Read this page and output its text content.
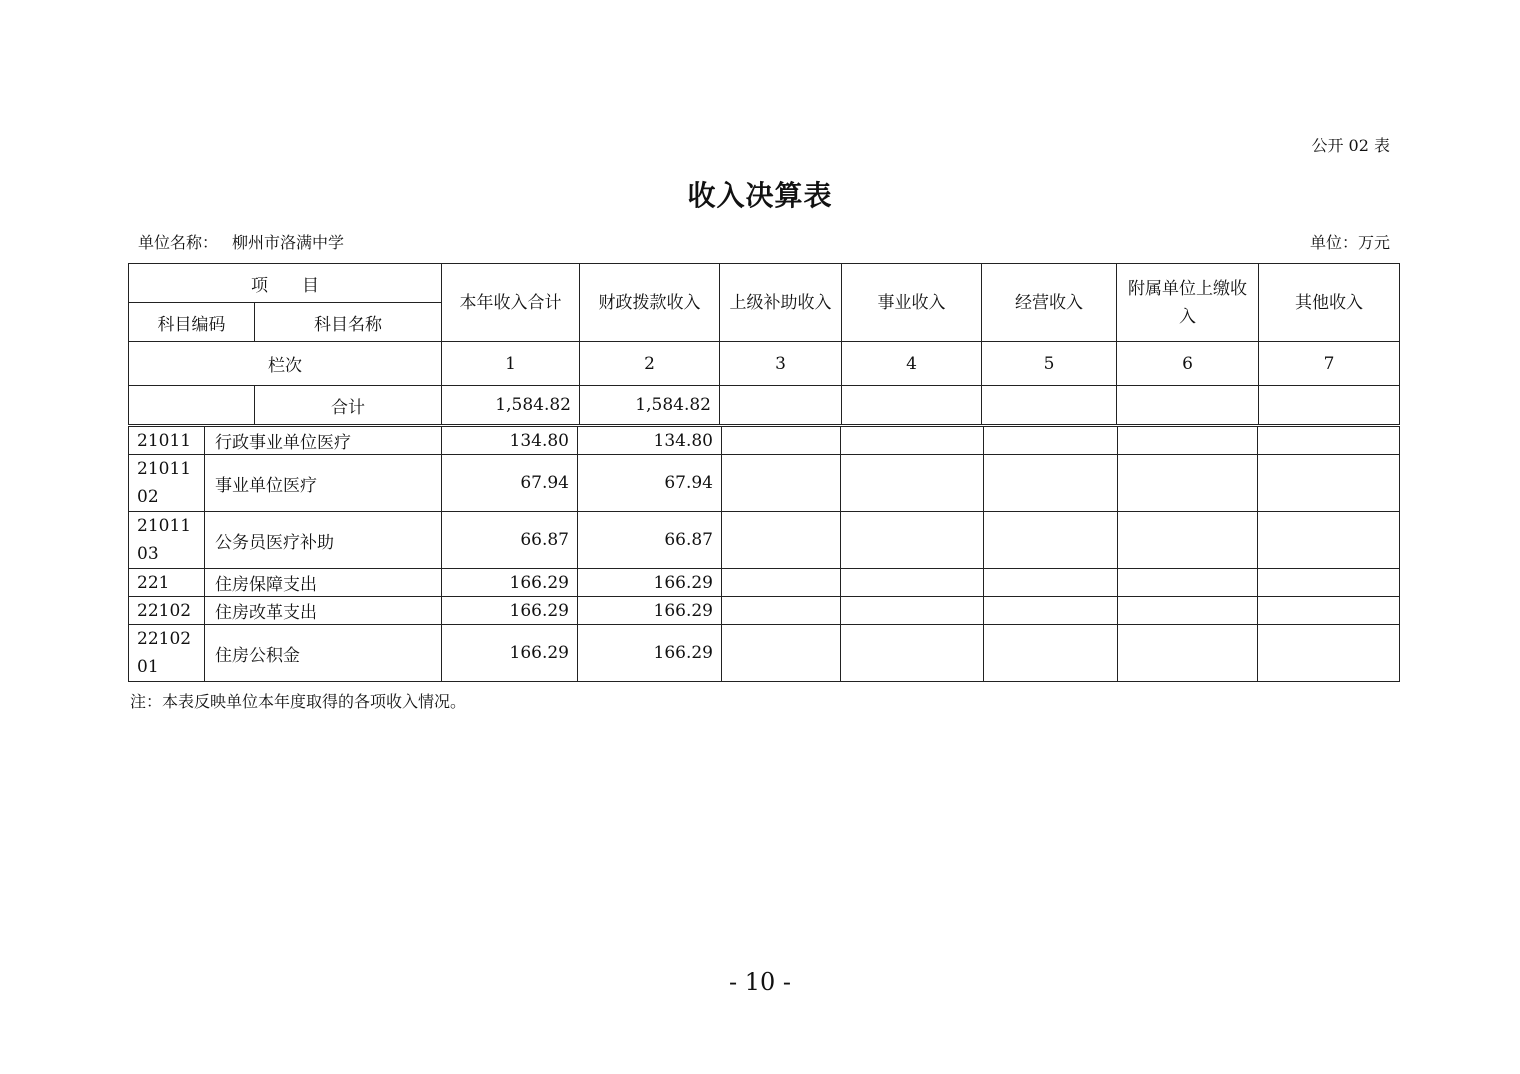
公开 02 表
收入决算表
单位名称： 柳州市洛满中学	单位：万元
项　　目		本年收入合计	财政拨款收入	上级补助收入	事业收入	经营收入	附属单位上缴收入	其他收入
科目编码	科目名称							
栏次		1	2	3	4	5	6	7
	合计	1,584.82	1,584.82					
21011	行政事业单位医疗	134.80	134.80					
2101102	事业单位医疗	67.94	67.94					
2101103	公务员医疗补助	66.87	66.87					
221	住房保障支出	166.29	166.29					
22102	住房改革支出	166.29	166.29					
2210201	住房公积金	166.29	166.29					
注：本表反映单位本年度取得的各项收入情况。
- 10 -
